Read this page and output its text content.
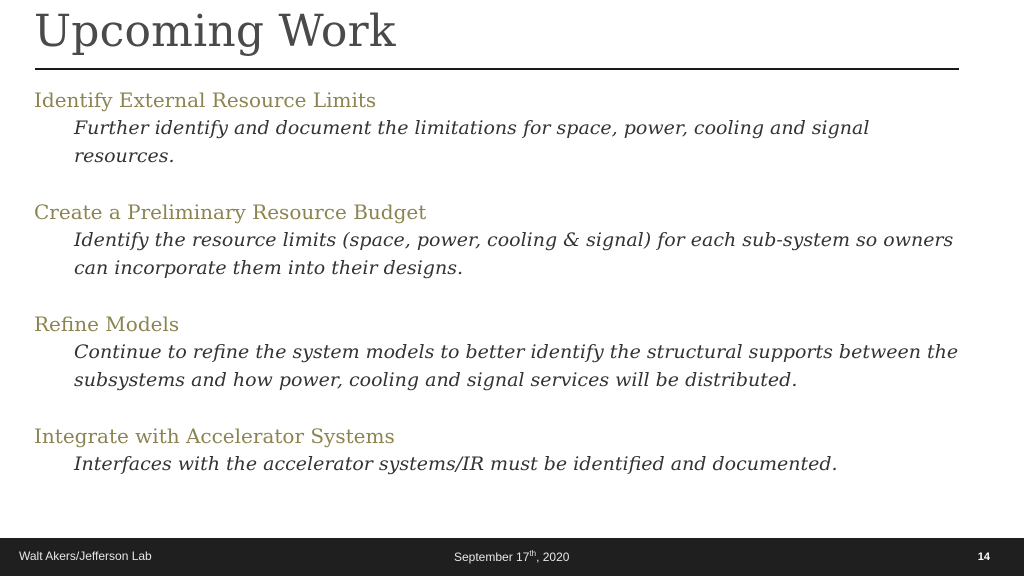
Upcoming Work
Identify External Resource Limits
Further identify and document the limitations for space, power, cooling and signal resources.
Create a Preliminary Resource Budget
Identify the resource limits (space, power, cooling & signal) for each sub-system so owners can incorporate them into their designs.
Refine Models
Continue to refine the system models to better identify the structural supports between the subsystems and how power, cooling and signal services will be distributed.
Integrate with Accelerator Systems
Interfaces with the accelerator systems/IR must be identified and documented.
Walt Akers/Jefferson Lab	September 17th, 2020	14
